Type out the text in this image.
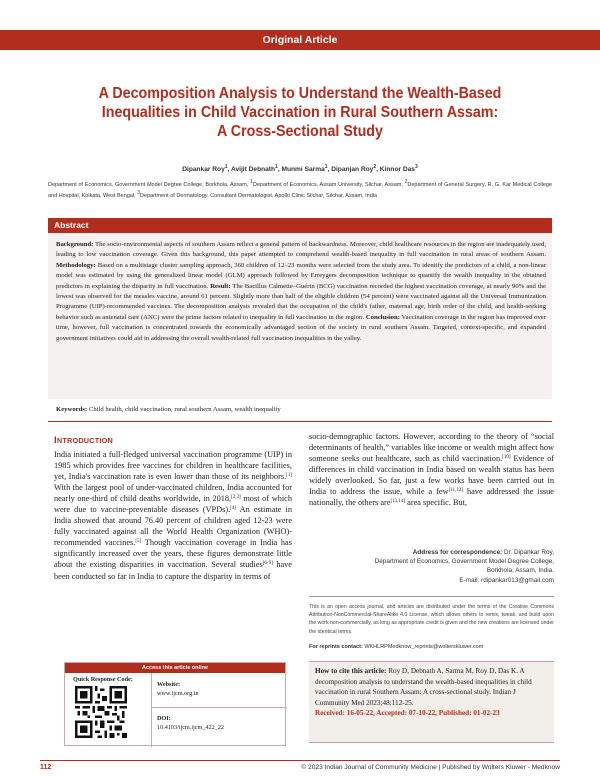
Original Article
A Decomposition Analysis to Understand the Wealth-Based
Inequalities in Child Vaccination in Rural Southern Assam:
A Cross-Sectional Study
Dipankar Roy$^1$, Avijit Debnath$^1$, Munmi Sarma$^1$, Dipanjan Roy$^2$, Kinnor Das$^3$
Department of Economics, Government Model Degree College, Borkhola, Assam, $^1$Department of Economics, Assam University, Silchar, Assam, $^2$Department of General Surgery, R. G. Kar Medical College and Hospital, Kolkata, West Bengal, $^3$Department of Dermatology, Consultant Dermatologist, Apollo Clinic Silchar, Silchar, Assam, India
Abstract
Background: The socio-environmental aspects of southern Assam reflect a general pattern of backwardness. Moreover, child healthcare resources in the region are inadequately used, leading to low vaccination coverage. Given this background, this paper attempted to comprehend wealth-based inequality in full vaccination in rural areas of southern Assam. Methodology: Based on a multistage cluster sampling approach, 360 children of 12–23 months were selected from the study area. To identify the predictors of a child, a non-linear model was estimated by using the generalized linear model (GLM) approach followed by Erreygers decomposition technique to quantify the wealth inequality in the obtained predictors in explaining the disparity in full vaccination. Result: The Bacillus Calmette–Guérin (BCG) vaccination recorded the highest vaccination coverage, at nearly 90% and the lowest was observed for the measles vaccine, around 61 percent. Slightly more than half of the eligible children (54 percent) were vaccinated against all the Universal Immunization Programme (UIP)-recommended vaccines. The decomposition analysis revealed that the occupation of the child's father, maternal age, birth order of the child, and health-seeking behavior such as antenatal care (ANC) were the prime factors related to inequality in full vaccination in the region. Conclusion: Vaccination coverage in the region has improved over time, however, full vaccination is concentrated towards the economically advantaged section of the society in rural southern Assam. Targeted, context-specific, and expanded government initiatives could aid in addressing the overall wealth-related full vaccination inequalities in the valley.
Keywords: Child health, child vaccination, rural southern Assam, wealth inequality
INTRODUCTION
India initiated a full-fledged universal vaccination programme (UIP) in 1985 which provides free vaccines for children in healthcare facilities, yet, India's vaccination rate is even lower than those of its neighbors.[1] With the largest pool of under-vaccinated children, India accounted for nearly one-third of child deaths worldwide, in 2018,[2,3] most of which were due to vaccine-preventable diseases (VPDs).[4] An estimate in India showed that around 76.40 percent of children aged 12-23 were fully vaccinated against all the World Health Organization (WHO)-recommended vaccines.[5] Though vaccination coverage in India has significantly increased over the years, these figures demonstrate little about the existing disparities in vaccination. Several studies[6-9] have been conducted so far in India to capture the disparity in terms of
socio-demographic factors. However, according to the theory of “social determinants of health,” variables like income or wealth might affect how someone seeks out healthcare, such as child vaccination.[10] Evidence of differences in child vaccination in India based on wealth status has been widely overlooked. So far, just a few works have been carried out in India to address the issue, while a few[11,12] have addressed the issue nationally, the others are[13,14] area specific. But,
Address for correspondence: Dr. Dipankar Roy,
Department of Economics, Government Model Degree College,
Borkhola, Assam, India.
E-mail: rdipankar013@gmail.com
This is an open access journal, and articles are distributed under the terms of the Creative Commons Attribution-NonCommercial-ShareAlike 4.0 License, which allows others to remix, tweak, and build upon the work non-commercially, as long as appropriate credit is given and the new creations are licensed under the identical terms.
For reprints contact: WKHLRPMedknow_reprints@wolterskluwer.com
How to cite this article: Roy D, Debnath A, Sarma M, Roy D, Das K. A decomposition analysis to understand the wealth-based inequalities in child vaccination in rural Southern Assam: A cross-sectional study. Indian J Community Med 2023;48:112-25.
Received: 16-05-22, Accepted: 07-10-22, Published: 01-02-23
Access this article online
Quick Response Code:
Website:
www.ijcm.org.in
DOI:
10.4103/ijcm.ijcm_422_22
112	© 2023 Indian Journal of Community Medicine | Published by Wolters Kluwer - Medknow
